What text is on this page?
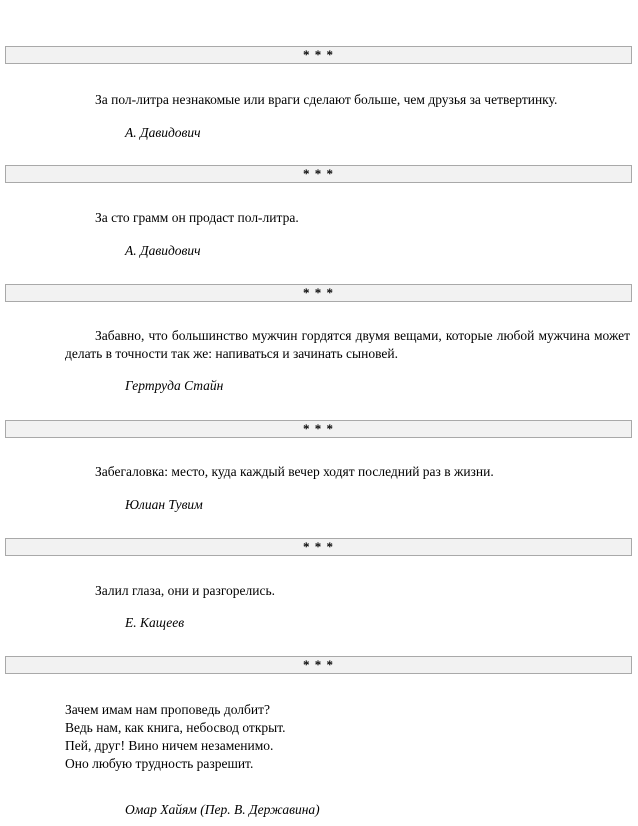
* * *
За пол-литра незнакомые или враги сделают больше, чем друзья за четвертинку.
А. Давидович
* * *
За сто грамм он продаст пол-литра.
А. Давидович
* * *
Забавно, что большинство мужчин гордятся двумя вещами, которые любой мужчина может делать в точности так же: напиваться и зачинать сыновей.
Гертруда Стайн
* * *
Забегаловка: место, куда каждый вечер ходят последний раз в жизни.
Юлиан Тувим
* * *
Залил глаза, они и разгорелись.
Е. Кащеев
* * *
Зачем имам нам проповедь долбит?
Ведь нам, как книга, небосвод открыт.
Пей, друг! Вино ничем незаменимо.
Оно любую трудность разрешит.
Омар Хайям (Пер. В. Державина)
